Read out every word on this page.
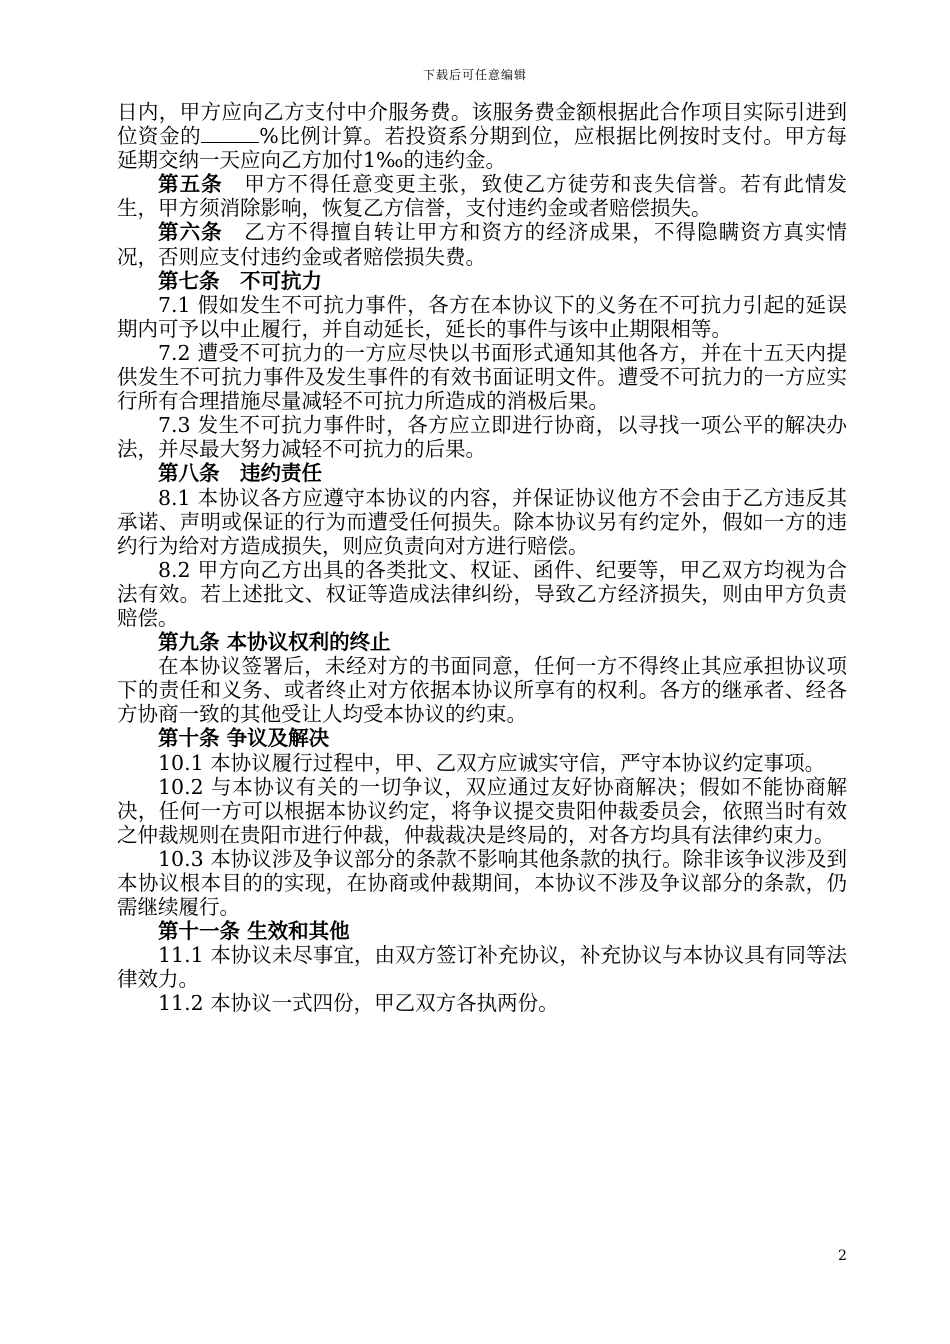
下载后可任意编辑

日内，甲方应向乙方支付中介服务费。该服务费金额根据此合作项目实际引进到位资金的	%比例计算。若投资系分期到位，应根据比例按时支付。甲方每延期交纳一天应向乙方加付1‰的违约金。

第五条　甲方不得任意变更主张，致使乙方徒劳和丧失信誉。若有此情发生，甲方须消除影响，恢复乙方信誉，支付违约金或者赔偿损失。

第六条　乙方不得擅自转让甲方和资方的经济成果，不得隐瞒资方真实情况，否则应支付违约金或者赔偿损失费。

第七条　不可抗力

7.1 假如发生不可抗力事件，各方在本协议下的义务在不可抗力引起的延误期内可予以中止履行，并自动延长，延长的事件与该中止期限相等。

7.2 遭受不可抗力的一方应尽快以书面形式通知其他各方，并在十五天内提供发生不可抗力事件及发生事件的有效书面证明文件。遭受不可抗力的一方应实行所有合理措施尽量减轻不可抗力所造成的消极后果。

7.3 发生不可抗力事件时，各方应立即进行协商，以寻找一项公平的解决办法，并尽最大努力减轻不可抗力的后果。

第八条　违约责任

8.1 本协议各方应遵守本协议的内容，并保证协议他方不会由于乙方违反其承诺、声明或保证的行为而遭受任何损失。除本协议另有约定外，假如一方的违约行为给对方造成损失，则应负责向对方进行赔偿。

8.2 甲方向乙方出具的各类批文、权证、函件、纪要等，甲乙双方均视为合法有效。若上述批文、权证等造成法律纠纷，导致乙方经济损失，则由甲方负责赔偿。

第九条 本协议权利的终止

在本协议签署后，未经对方的书面同意，任何一方不得终止其应承担协议项下的责任和义务、或者终止对方依据本协议所享有的权利。各方的继承者、经各方协商一致的其他受让人均受本协议的约束。

第十条 争议及解决

10.1 本协议履行过程中，甲、乙双方应诚实守信，严守本协议约定事项。

10.2 与本协议有关的一切争议，双应通过友好协商解决；假如不能协商解决，任何一方可以根据本协议约定，将争议提交贵阳仲裁委员会，依照当时有效之仲裁规则在贵阳市进行仲裁，仲裁裁决是终局的，对各方均具有法律约束力。

10.3 本协议涉及争议部分的条款不影响其他条款的执行。除非该争议涉及到本协议根本目的的实现，在协商或仲裁期间，本协议不涉及争议部分的条款，仍需继续履行。

第十一条 生效和其他

11.1 本协议未尽事宜，由双方签订补充协议，补充协议与本协议具有同等法律效力。

11.2 本协议一式四份，甲乙双方各执两份。

2
